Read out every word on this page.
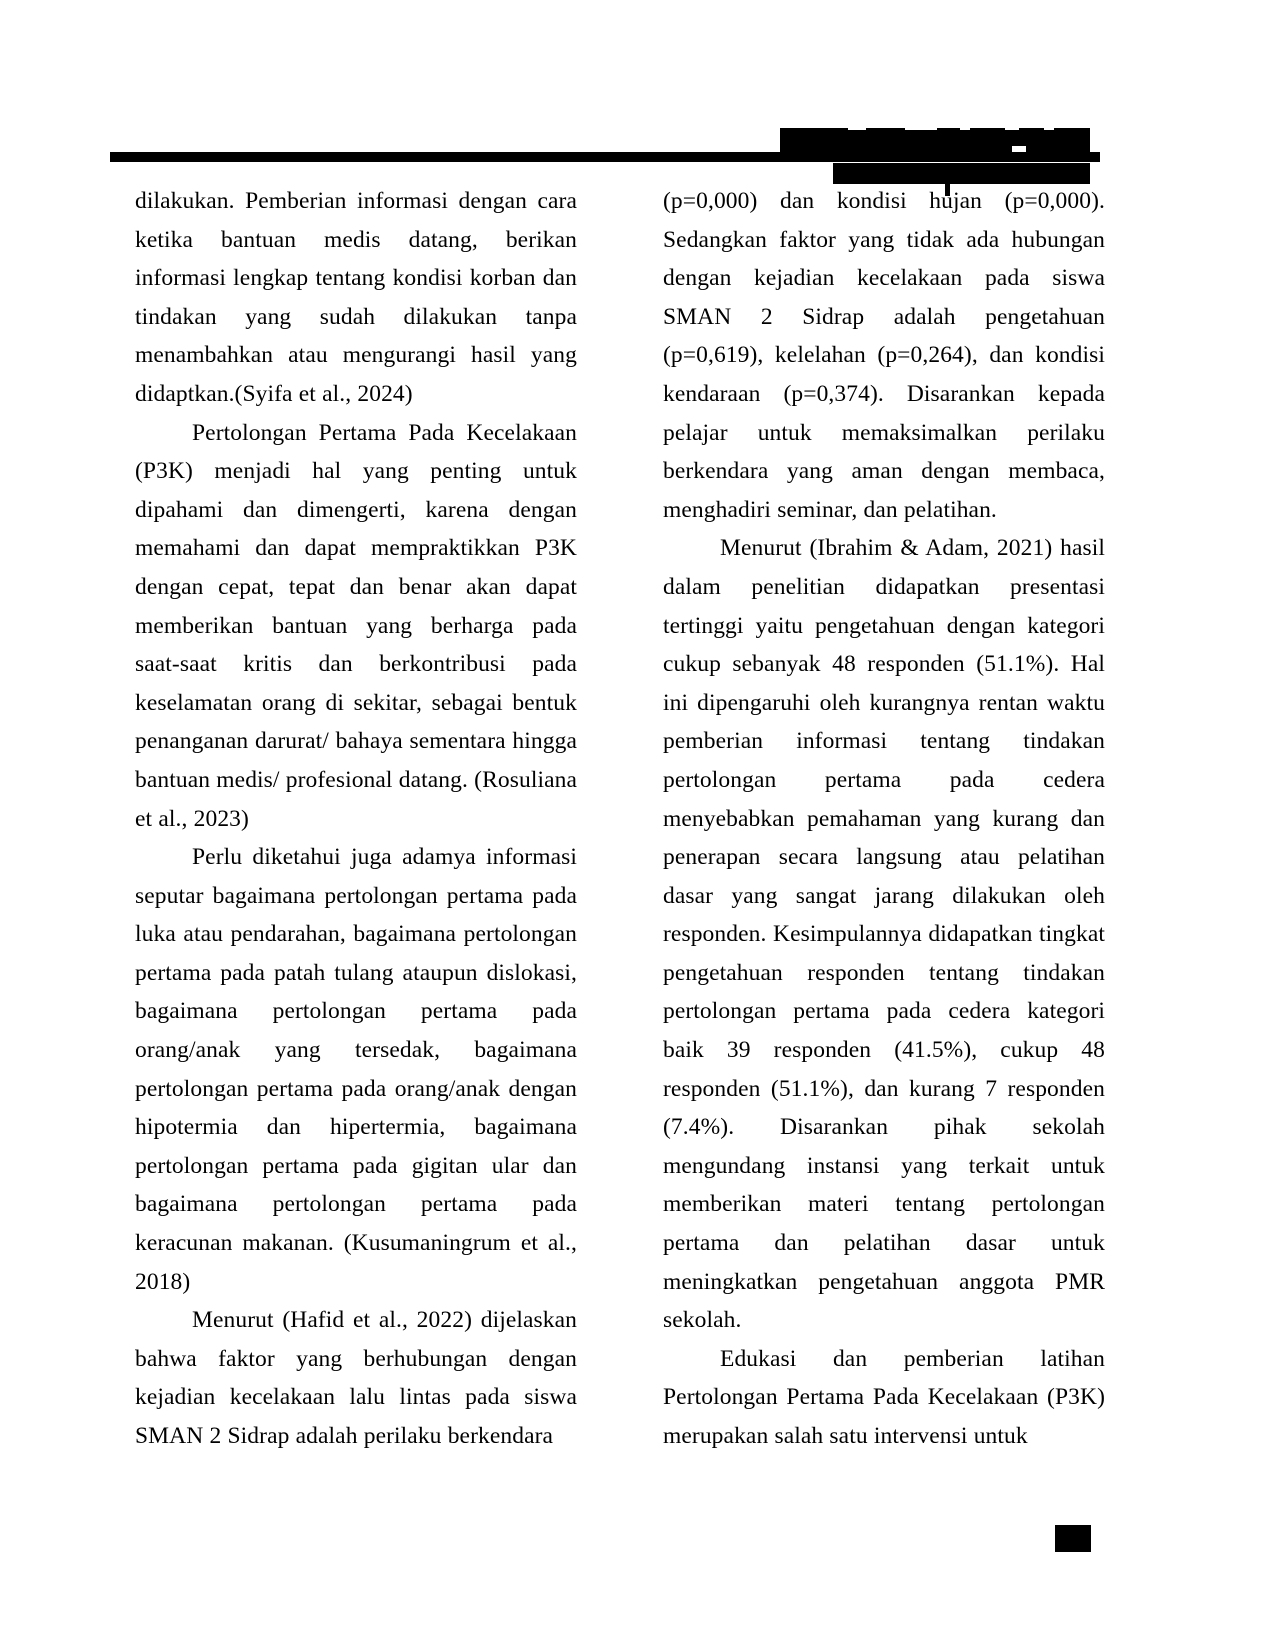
dilakukan. Pemberian informasi dengan cara ketika bantuan medis datang, berikan informasi lengkap tentang kondisi korban dan tindakan yang sudah dilakukan tanpa menambahkan atau mengurangi hasil yang didaptkan.(Syifa et al., 2024)

Pertolongan Pertama Pada Kecelakaan (P3K) menjadi hal yang penting untuk dipahami dan dimengerti, karena dengan memahami dan dapat mempraktikkan P3K dengan cepat, tepat dan benar akan dapat memberikan bantuan yang berharga pada saat-saat kritis dan berkontribusi pada keselamatan orang di sekitar, sebagai bentuk penanganan darurat/ bahaya sementara hingga bantuan medis/ profesional datang. (Rosuliana et al., 2023)

Perlu diketahui juga adamya informasi seputar bagaimana pertolongan pertama pada luka atau pendarahan, bagaimana pertolongan pertama pada patah tulang ataupun dislokasi, bagaimana pertolongan pertama pada orang/anak yang tersedak, bagaimana pertolongan pertama pada orang/anak dengan hipotermia dan hipertermia, bagaimana pertolongan pertama pada gigitan ular dan bagaimana pertolongan pertama pada keracunan makanan. (Kusumaningrum et al., 2018)

Menurut (Hafid et al., 2022) dijelaskan bahwa faktor yang berhubungan dengan kejadian kecelakaan lalu lintas pada siswa SMAN 2 Sidrap adalah perilaku berkendara

(p=0,000) dan kondisi hujan (p=0,000). Sedangkan faktor yang tidak ada hubungan dengan kejadian kecelakaan pada siswa SMAN 2 Sidrap adalah pengetahuan (p=0,619), kelelahan (p=0,264), dan kondisi kendaraan (p=0,374). Disarankan kepada pelajar untuk memaksimalkan perilaku berkendara yang aman dengan membaca, menghadiri seminar, dan pelatihan.

Menurut (Ibrahim & Adam, 2021) hasil dalam penelitian didapatkan presentasi tertinggi yaitu pengetahuan dengan kategori cukup sebanyak 48 responden (51.1%). Hal ini dipengaruhi oleh kurangnya rentan waktu pemberian informasi tentang tindakan pertolongan pertama pada cedera menyebabkan pemahaman yang kurang dan penerapan secara langsung atau pelatihan dasar yang sangat jarang dilakukan oleh responden. Kesimpulannya didapatkan tingkat pengetahuan responden tentang tindakan pertolongan pertama pada cedera kategori baik 39 responden (41.5%), cukup 48 responden (51.1%), dan kurang 7 responden (7.4%). Disarankan pihak sekolah mengundang instansi yang terkait untuk memberikan materi tentang pertolongan pertama dan pelatihan dasar untuk meningkatkan pengetahuan anggota PMR sekolah.

Edukasi dan pemberian latihan Pertolongan Pertama Pada Kecelakaan (P3K) merupakan salah satu intervensi untuk
